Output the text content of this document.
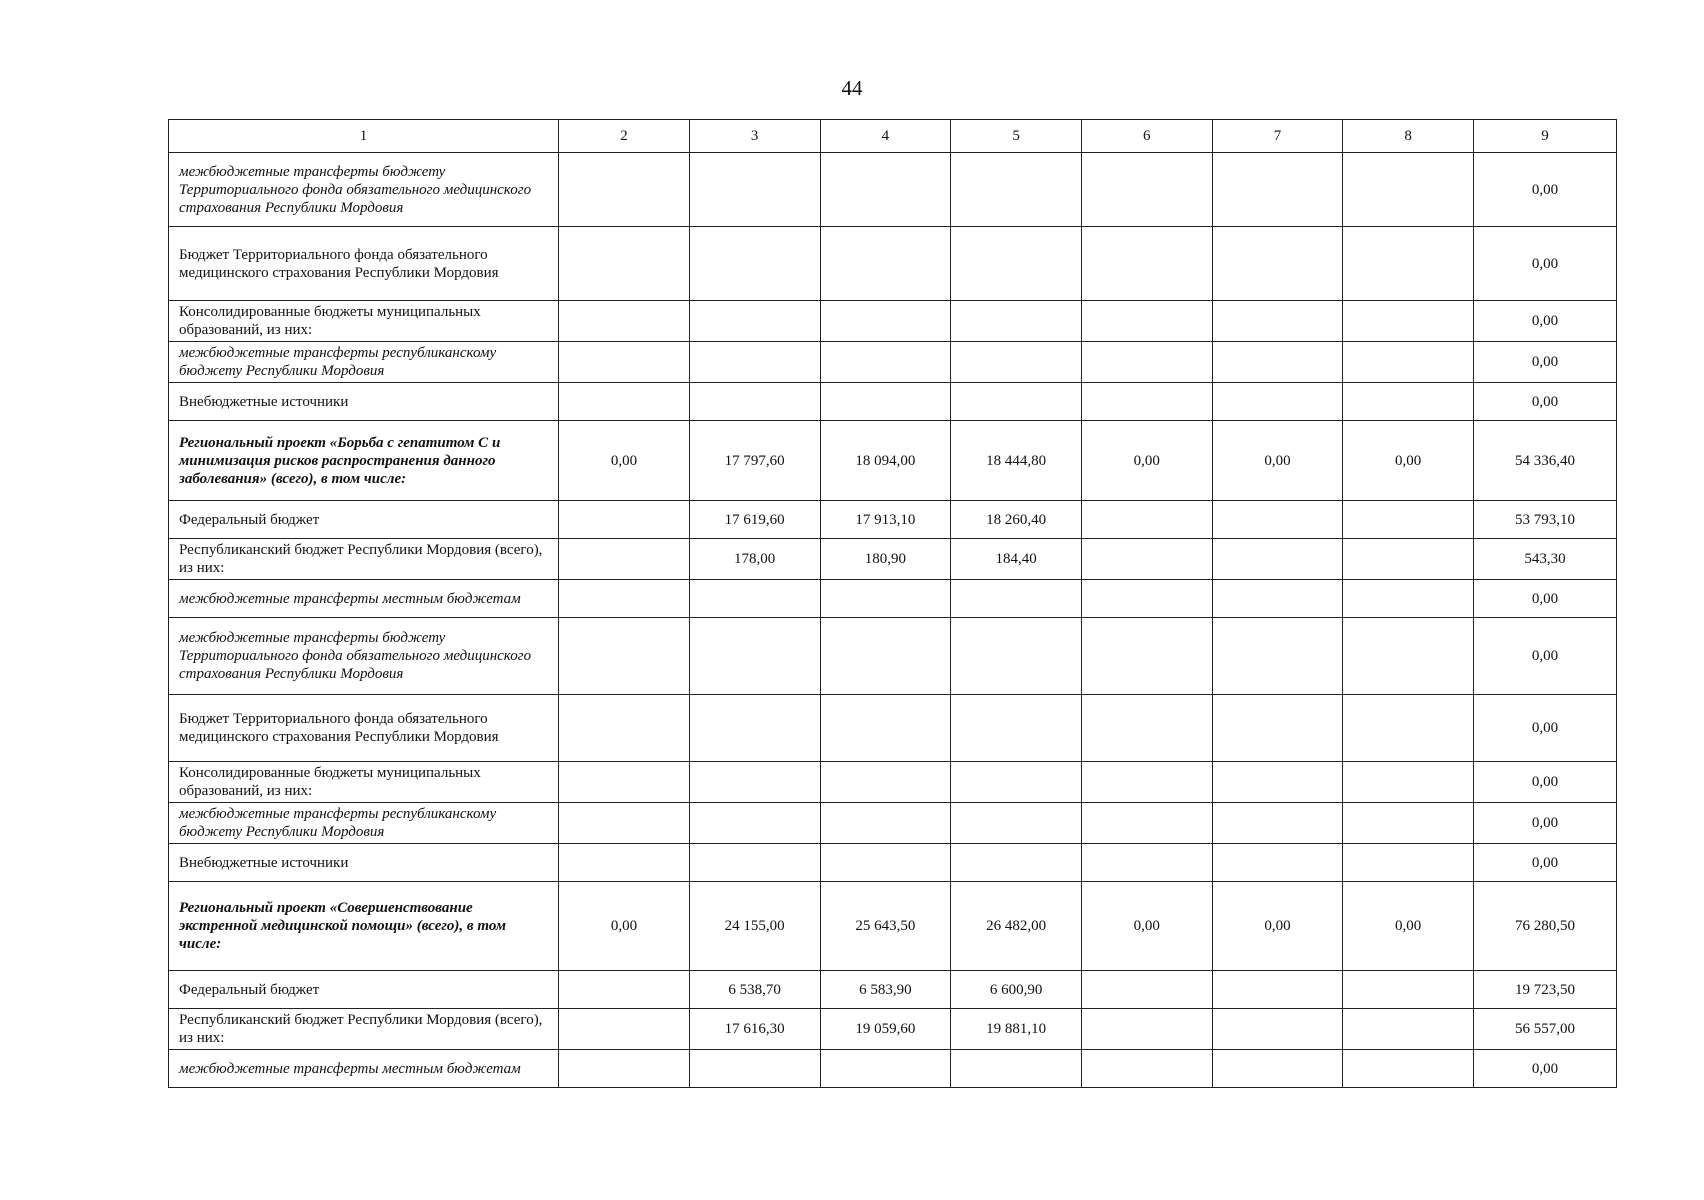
44
1	2	3	4	5	6	7	8	9
межбюджетные трансферты бюджету Территориального фонда обязательного медицинского страхования Республики Мордовия								0,00
Бюджет Территориального фонда обязательного медицинского страхования Республики Мордовия								0,00
Консолидированные бюджеты муниципальных образований, из них:								0,00
межбюджетные трансферты республиканскому бюджету Республики Мордовия								0,00
Внебюджетные источники								0,00
Региональный проект «Борьба с гепатитом С и минимизация рисков распространения данного заболевания» (всего), в том числе:	0,00	17 797,60	18 094,00	18 444,80	0,00	0,00	0,00	54 336,40
Федеральный бюджет		17 619,60	17 913,10	18 260,40				53 793,10
Республиканский бюджет Республики Мордовия (всего), из них:		178,00	180,90	184,40				543,30
межбюджетные трансферты местным бюджетам								0,00
межбюджетные трансферты бюджету Территориального фонда обязательного медицинского страхования Республики Мордовия								0,00
Бюджет Территориального фонда обязательного медицинского страхования Республики Мордовия								0,00
Консолидированные бюджеты муниципальных образований, из них:								0,00
межбюджетные трансферты республиканскому бюджету Республики Мордовия								0,00
Внебюджетные источники								0,00
Региональный проект «Совершенствование экстренной медицинской помощи» (всего), в том числе:	0,00	24 155,00	25 643,50	26 482,00	0,00	0,00	0,00	76 280,50
Федеральный бюджет		6 538,70	6 583,90	6 600,90				19 723,50
Республиканский бюджет Республики Мордовия (всего), из них:		17 616,30	19 059,60	19 881,10				56 557,00
межбюджетные трансферты местным бюджетам								0,00
